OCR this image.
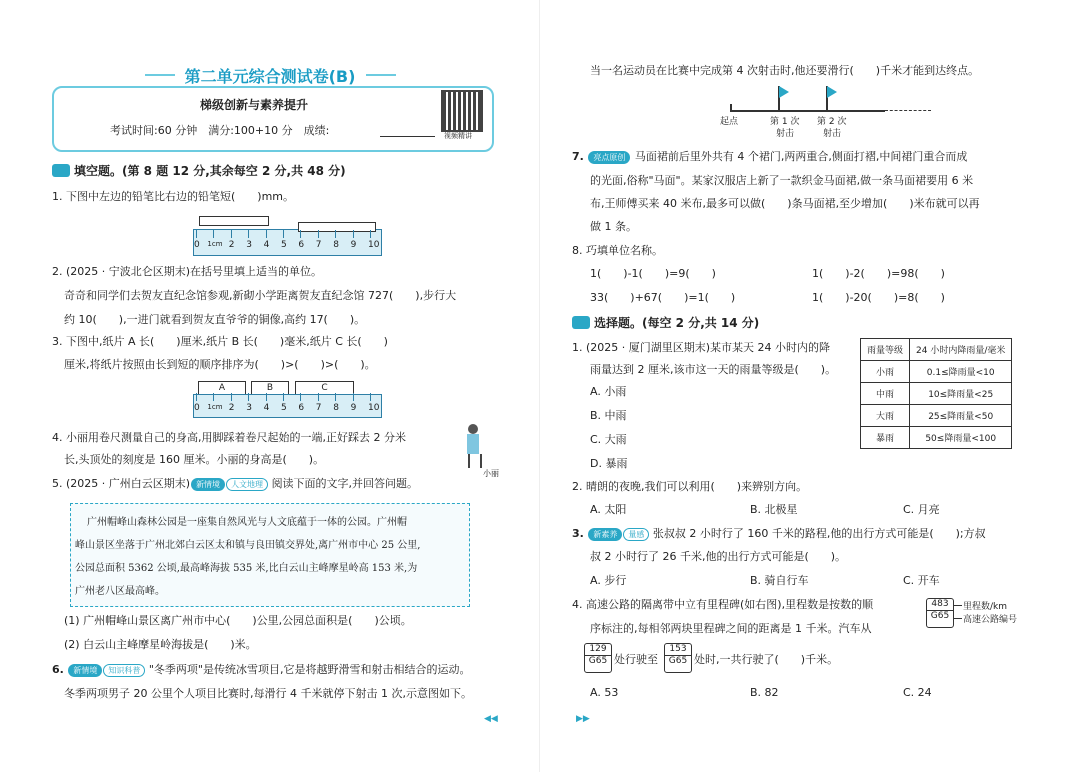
第二单元综合测试卷(B)
梯级创新与素养提升
考试时间:60 分钟　满分:100+10 分　成绩:	视频精讲
填空题。(第 8 题 12 分,其余每空 2 分,共 48 分)
1. 下图中左边的铅笔比右边的铅笔短(　　)mm。
0 1cm 2 3 4 5 6 7 8 9 10
2. (2025 · 宁波北仑区期末)在括号里填上适当的单位。
奇奇和同学们去贺友直纪念馆参观,新砌小学距离贺友直纪念馆 727(　　),步行大
约 10(　　),一进门就看到贺友直爷爷的铜像,高约 17(　　)。
3. 下图中,纸片 A 长(　　)厘米,纸片 B 长(　　)毫米,纸片 C 长(　　)
厘米,将纸片按照由长到短的顺序排序为(　　)>(　　)>(　　)。
A	B	C
0 1cm 2 3 4 5 6 7 8 9 10
4. 小丽用卷尺测量自己的身高,用脚踩着卷尺起始的一端,正好踩去 2 分米
长,头顶处的刻度是 160 厘米。小丽的身高是(　　)。
小丽
5. (2025 · 广州白云区期末) 新情境 人文地理 阅读下面的文字,并回答问题。
广州帽峰山森林公园是一座集自然风光与人文底蕴于一体的公园。广州帽
峰山景区坐落于广州北郊白云区太和镇与良田镇交界处,离广州市中心 25 公里,
公园总面积 5362 公顷,最高峰海拔 535 米,比白云山主峰摩星岭高 153 米,为
广州老八区最高峰。
(1) 广州帽峰山景区离广州市中心(　　)公里,公园总面积是(　　)公顷。
(2) 白云山主峰摩星岭海拔是(　　)米。
6. 新情境 知识科普 "冬季两项"是传统冰雪项目,它是将越野滑雪和射击相结合的运动。
冬季两项男子 20 公里个人项目比赛时,每滑行 4 千米就停下射击 1 次,示意图如下。
◀◀
当一名运动员在比赛中完成第 4 次射击时,他还要滑行(　　)千米才能到达终点。
起点	第 1 次
射击
第 2 次
射击
7. 亮点原创 马面裙前后里外共有 4 个裙门,两两重合,侧面打褶,中间裙门重合而成
的光面,俗称"马面"。某家汉服店上新了一款织金马面裙,做一条马面裙要用 6 米
布,王师傅买来 40 米布,最多可以做(　　)条马面裙,至少增加(　　)米布就可以再
做 1 条。
8. 巧填单位名称。
1(　　)-1(　　)=9(　　)	1(　　)-2(　　)=98(　　)
33(　　)+67(　　)=1(　　)	1(　　)-20(　　)=8(　　)
选择题。(每空 2 分,共 14 分)
1. (2025 · 厦门湖里区期末)某市某天 24 小时内的降
雨量达到 2 厘米,该市这一天的雨量等级是(　　)。
A. 小雨
B. 中雨
C. 大雨
D. 暴雨
2. 晴朗的夜晚,我们可以利用(　　)来辨别方向。
A. 太阳	B. 北极星	C. 月亮
3. 新素养 量感 张叔叔 2 小时行了 160 千米的路程,他的出行方式可能是(　　);方叔
叔 2 小时行了 26 千米,他的出行方式可能是(　　)。
A. 步行	B. 骑自行车	C. 开车
4. 高速公路的隔离带中立有里程碑(如右图),里程数是按数的顺
序标注的,每相邻两块里程碑之间的距离是 1 千米。汽车从
129
G65 处行驶至
153
G65 处时,一共行驶了(　　)千米。
A. 53	B. 82	C. 24
483
G65
里程数/km
高速公路编号
▶▶
雨量等级	24 小时内降雨量/毫米
小雨	0.1≤降雨量<10
中雨	10≤降雨量<25
大雨	25≤降雨量<50
暴雨	50≤降雨量<100
